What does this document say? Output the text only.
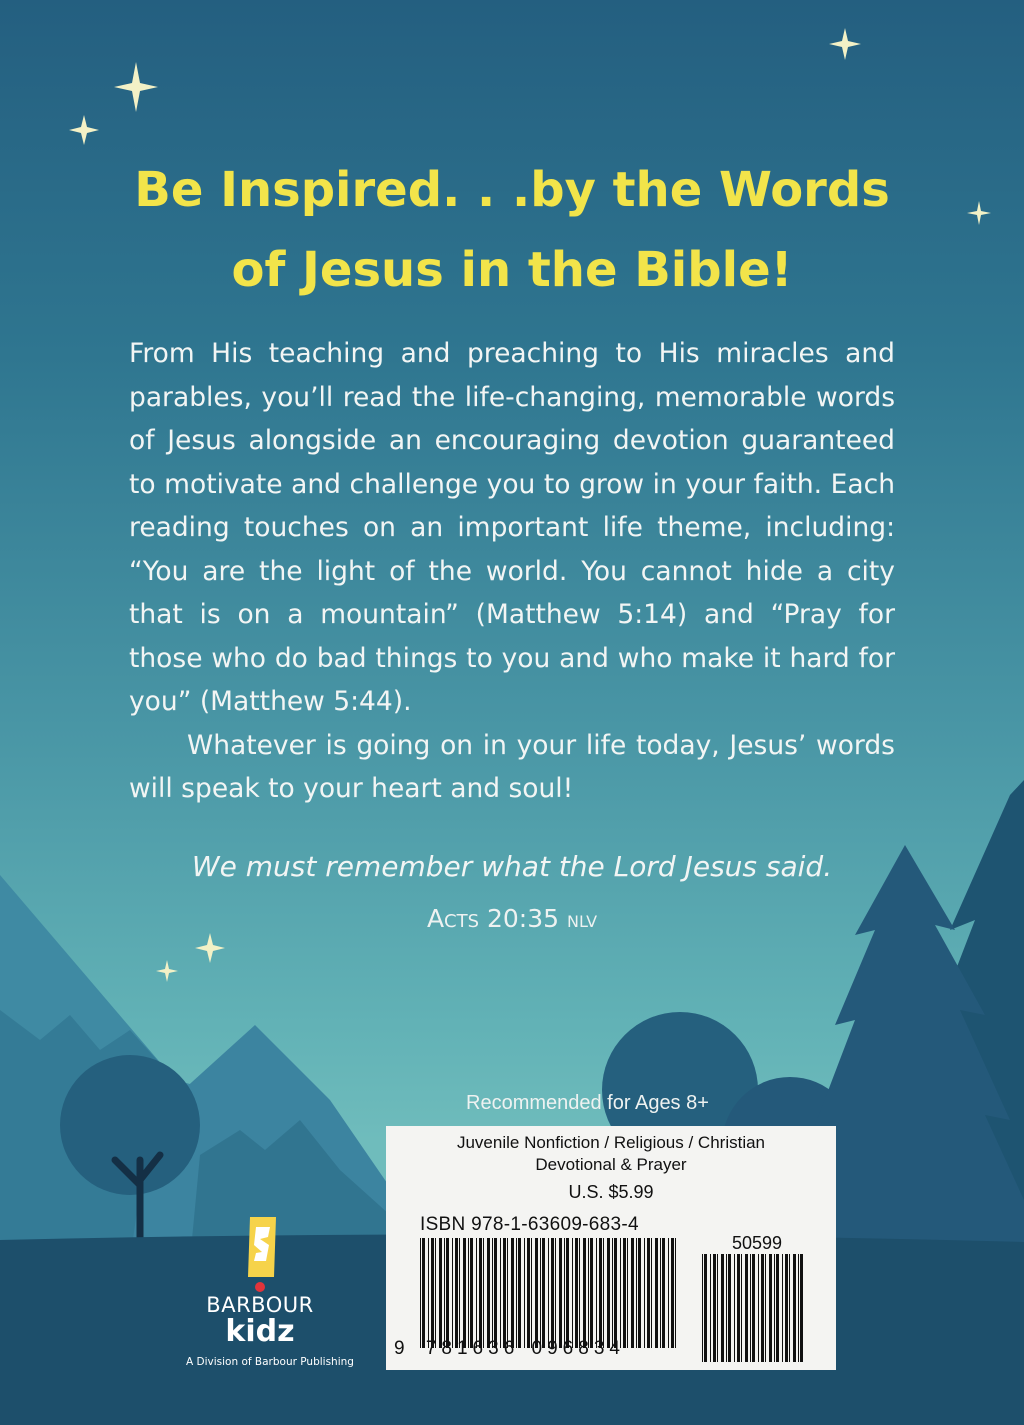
Be Inspired. . .by the Words
of Jesus in the Bible!

From His teaching and preaching to His miracles and parables, you’ll read the life-changing, memorable words of Jesus alongside an encouraging devotion guaranteed to motivate and challenge you to grow in your faith. Each reading touches on an important life theme, including: “You are the light of the world. You cannot hide a city that is on a mountain” (Matthew 5:14) and “Pray for those who do bad things to you and who make it hard for you” (Matthew 5:44).

Whatever is going on in your life today, Jesus’ words will speak to your heart and soul!

We must remember what the Lord Jesus said.

Acts 20:35 NLV
Recommended for Ages 8+
Juvenile Nonfiction / Religious / Christian
Devotional & Prayer
U.S. $5.99
ISBN 978-1-63609-683-4
50599
9 781636 096834
BARBOUR
kidz
A Division of Barbour Publishing
